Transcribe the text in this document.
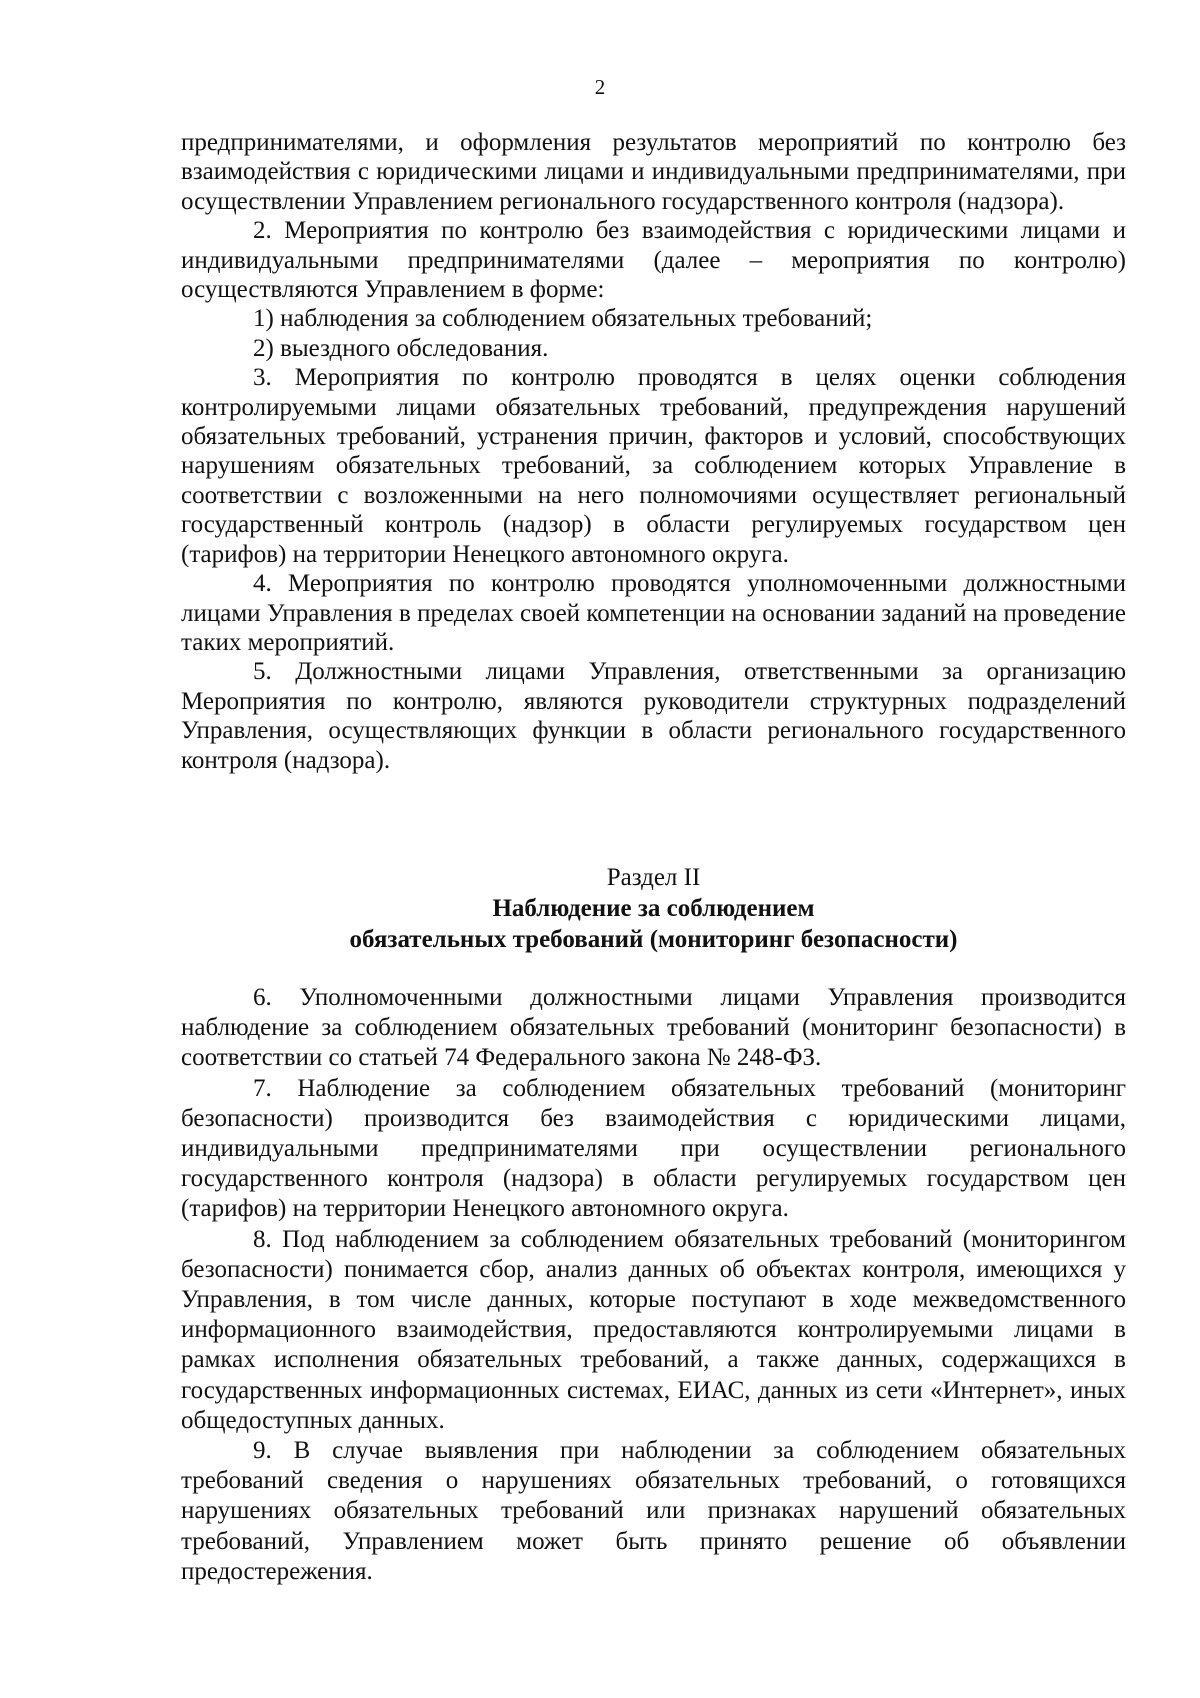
2

предпринимателями, и оформления результатов мероприятий по контролю без взаимодействия с юридическими лицами и индивидуальными предпринимателями, при осуществлении Управлением регионального государственного контроля (надзора).

2. Мероприятия по контролю без взаимодействия с юридическими лицами и индивидуальными предпринимателями (далее – мероприятия по контролю) осуществляются Управлением в форме:

1) наблюдения за соблюдением обязательных требований;

2) выездного обследования.

3. Мероприятия по контролю проводятся в целях оценки соблюдения контролируемыми лицами обязательных требований, предупреждения нарушений обязательных требований, устранения причин, факторов и условий, способствующих нарушениям обязательных требований, за соблюдением которых Управление в соответствии с возложенными на него полномочиями осуществляет региональный государственный контроль (надзор) в области регулируемых государством цен (тарифов) на территории Ненецкого автономного округа.

4. Мероприятия по контролю проводятся уполномоченными должностными лицами Управления в пределах своей компетенции на основании заданий на проведение таких мероприятий.

5. Должностными лицами Управления, ответственными за организацию Мероприятия по контролю, являются руководители структурных подразделений Управления, осуществляющих функции в области регионального государственного контроля (надзора).

Раздел II
Наблюдение за соблюдением
обязательных требований (мониторинг безопасности)

6. Уполномоченными должностными лицами Управления производится наблюдение за соблюдением обязательных требований (мониторинг безопасности) в соответствии со статьей 74 Федерального закона № 248-ФЗ.

7. Наблюдение за соблюдением обязательных требований (мониторинг безопасности) производится без взаимодействия с юридическими лицами, индивидуальными предпринимателями при осуществлении регионального государственного контроля (надзора) в области регулируемых государством цен (тарифов) на территории Ненецкого автономного округа.

8. Под наблюдением за соблюдением обязательных требований (мониторингом безопасности) понимается сбор, анализ данных об объектах контроля, имеющихся у Управления, в том числе данных, которые поступают в ходе межведомственного информационного взаимодействия, предоставляются контролируемыми лицами в рамках исполнения обязательных требований, а также данных, содержащихся в государственных информационных системах, ЕИАС, данных из сети «Интернет», иных общедоступных данных.

9. В случае выявления при наблюдении за соблюдением обязательных требований сведения о нарушениях обязательных требований, о готовящихся нарушениях обязательных требований или признаках нарушений обязательных требований, Управлением может быть принято решение об объявлении предостережения.
